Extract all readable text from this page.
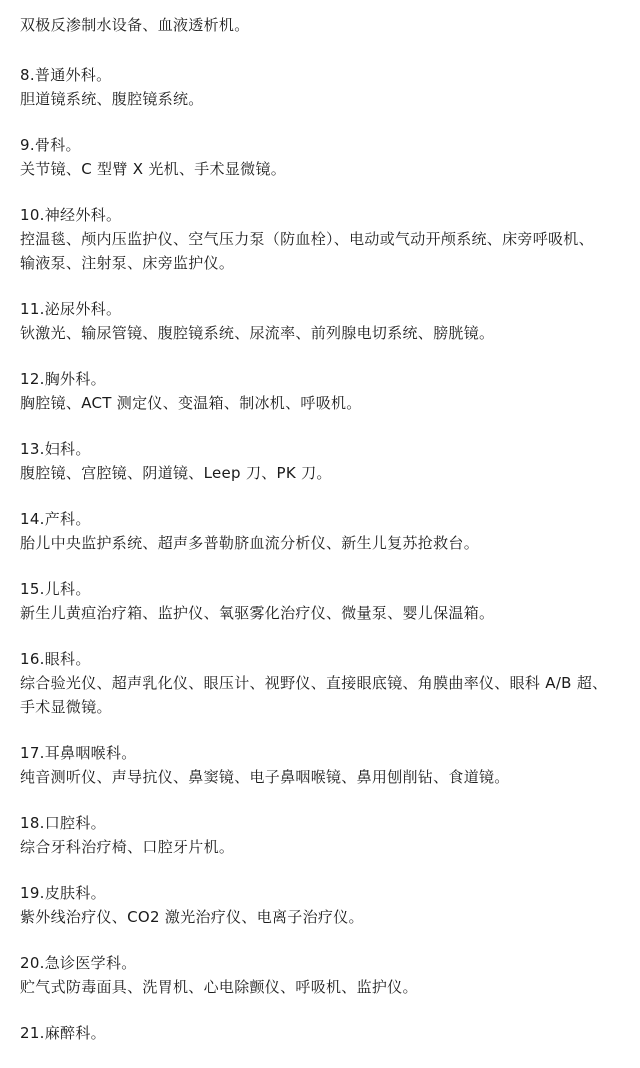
双极反渗制水设备、血液透析机。
8.普通外科。
胆道镜系统、腹腔镜系统。
9.骨科。
关节镜、C 型臂 X 光机、手术显微镜。
10.神经外科。
控温毯、颅内压监护仪、空气压力泵（防血栓）、电动或气动开颅系统、床旁呼吸机、
输液泵、注射泵、床旁监护仪。
11.泌尿外科。
钬激光、输尿管镜、腹腔镜系统、尿流率、前列腺电切系统、膀胱镜。
12.胸外科。
胸腔镜、ACT 测定仪、变温箱、制冰机、呼吸机。
13.妇科。
腹腔镜、宫腔镜、阴道镜、Leep 刀、PK 刀。
14.产科。
胎儿中央监护系统、超声多普勒脐血流分析仪、新生儿复苏抢救台。
15.儿科。
新生儿黄疸治疗箱、监护仪、氧驱雾化治疗仪、微量泵、婴儿保温箱。
16.眼科。
综合验光仪、超声乳化仪、眼压计、视野仪、直接眼底镜、角膜曲率仪、眼科 A/B 超、
手术显微镜。
17.耳鼻咽喉科。
纯音测听仪、声导抗仪、鼻窦镜、电子鼻咽喉镜、鼻用刨削钻、食道镜。
18.口腔科。
综合牙科治疗椅、口腔牙片机。
19.皮肤科。
紫外线治疗仪、CO2 激光治疗仪、电离子治疗仪。
20.急诊医学科。
贮气式防毒面具、洗胃机、心电除颤仪、呼吸机、监护仪。
21.麻醉科。
